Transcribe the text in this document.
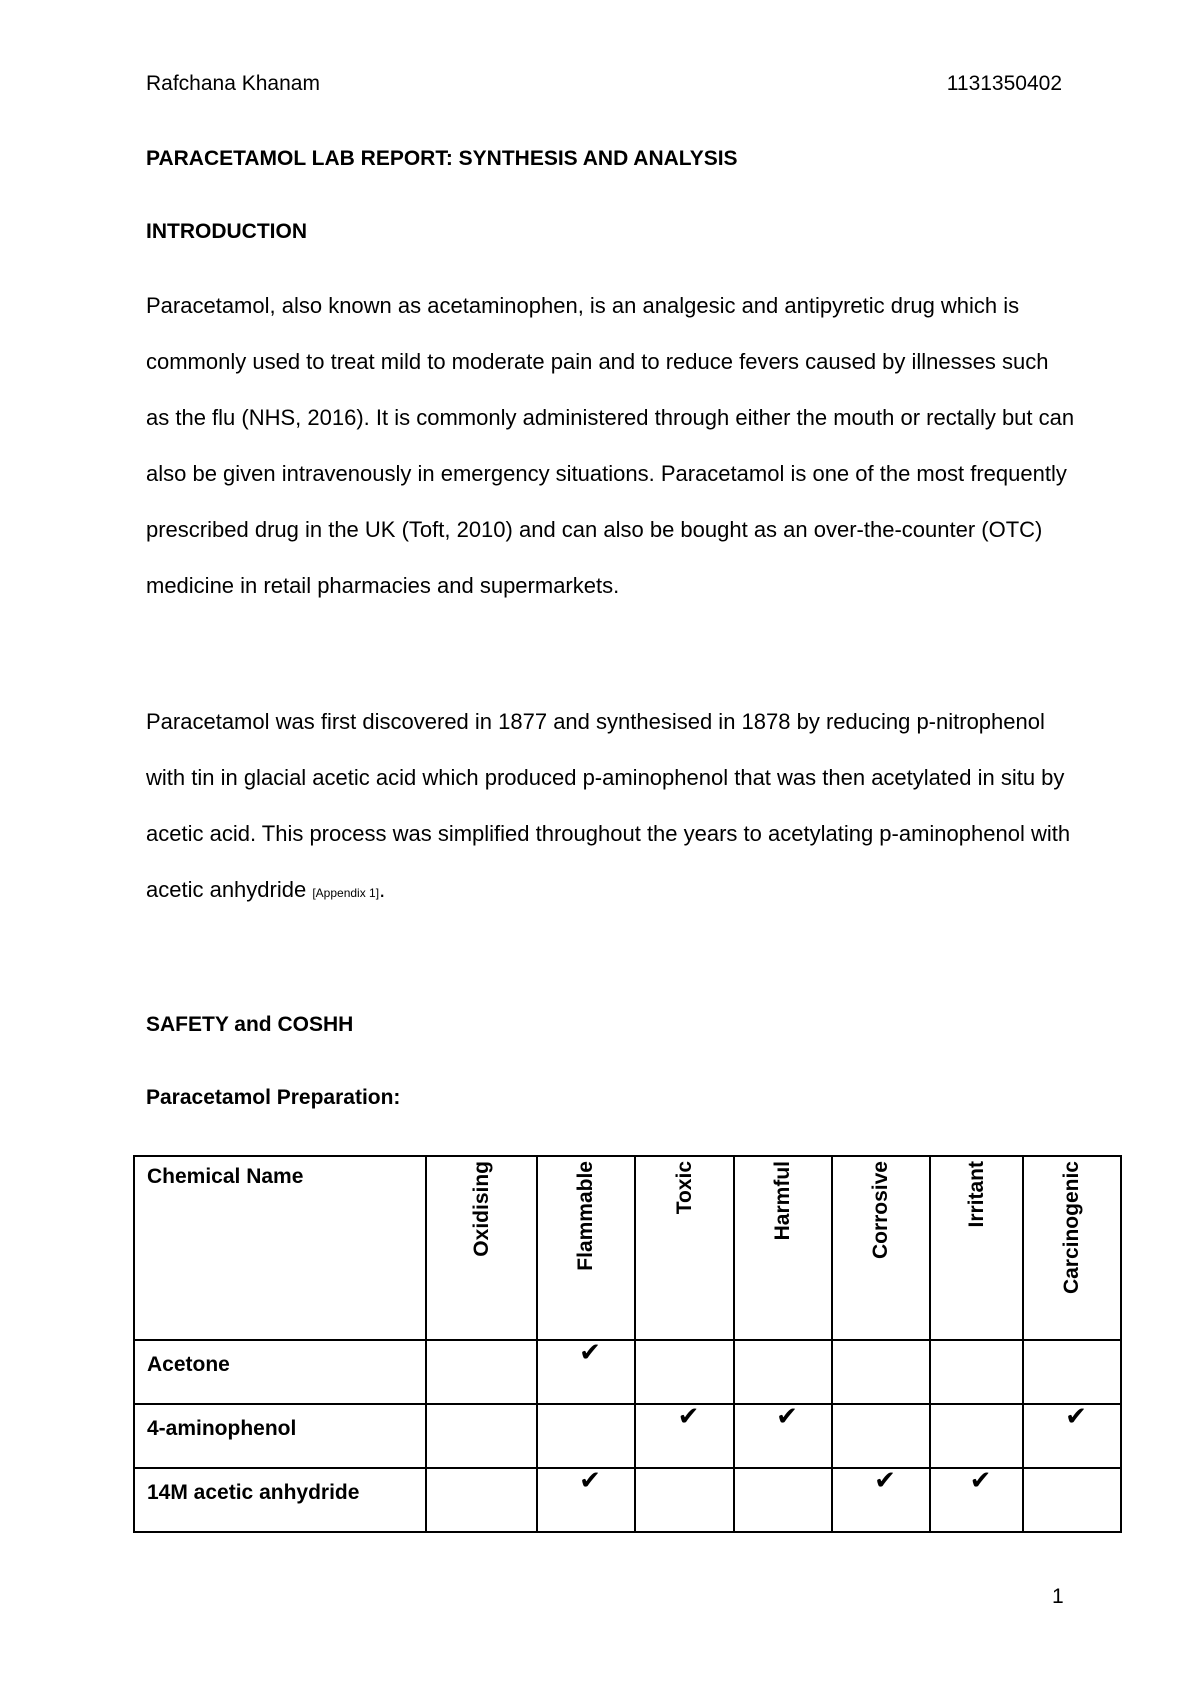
Rafchana Khanam	1131350402
PARACETAMOL LAB REPORT: SYNTHESIS AND ANALYSIS
INTRODUCTION

Paracetamol, also known as acetaminophen, is an analgesic and antipyretic drug which is commonly used to treat mild to moderate pain and to reduce fevers caused by illnesses such as the flu (NHS, 2016). It is commonly administered through either the mouth or rectally but can also be given intravenously in emergency situations. Paracetamol is one of the most frequently prescribed drug in the UK (Toft, 2010) and can also be bought as an over-the-counter (OTC) medicine in retail pharmacies and supermarkets.

Paracetamol was first discovered in 1877 and synthesised in 1878 by reducing p-nitrophenol with tin in glacial acetic acid which produced p-aminophenol that was then acetylated in situ by acetic acid. This process was simplified throughout the years to acetylating p-aminophenol with acetic anhydride [Appendix 1].

SAFETY and COSHH
Paracetamol Preparation:
Chemical Name	Oxidising	Flammable	Toxic	Harmful	Corrosive	Irritant	Carcinogenic

Acetone		✔					

4-aminophenol			✔	✔			✔

14M acetic anhydride		✔			✔	✔	

1
